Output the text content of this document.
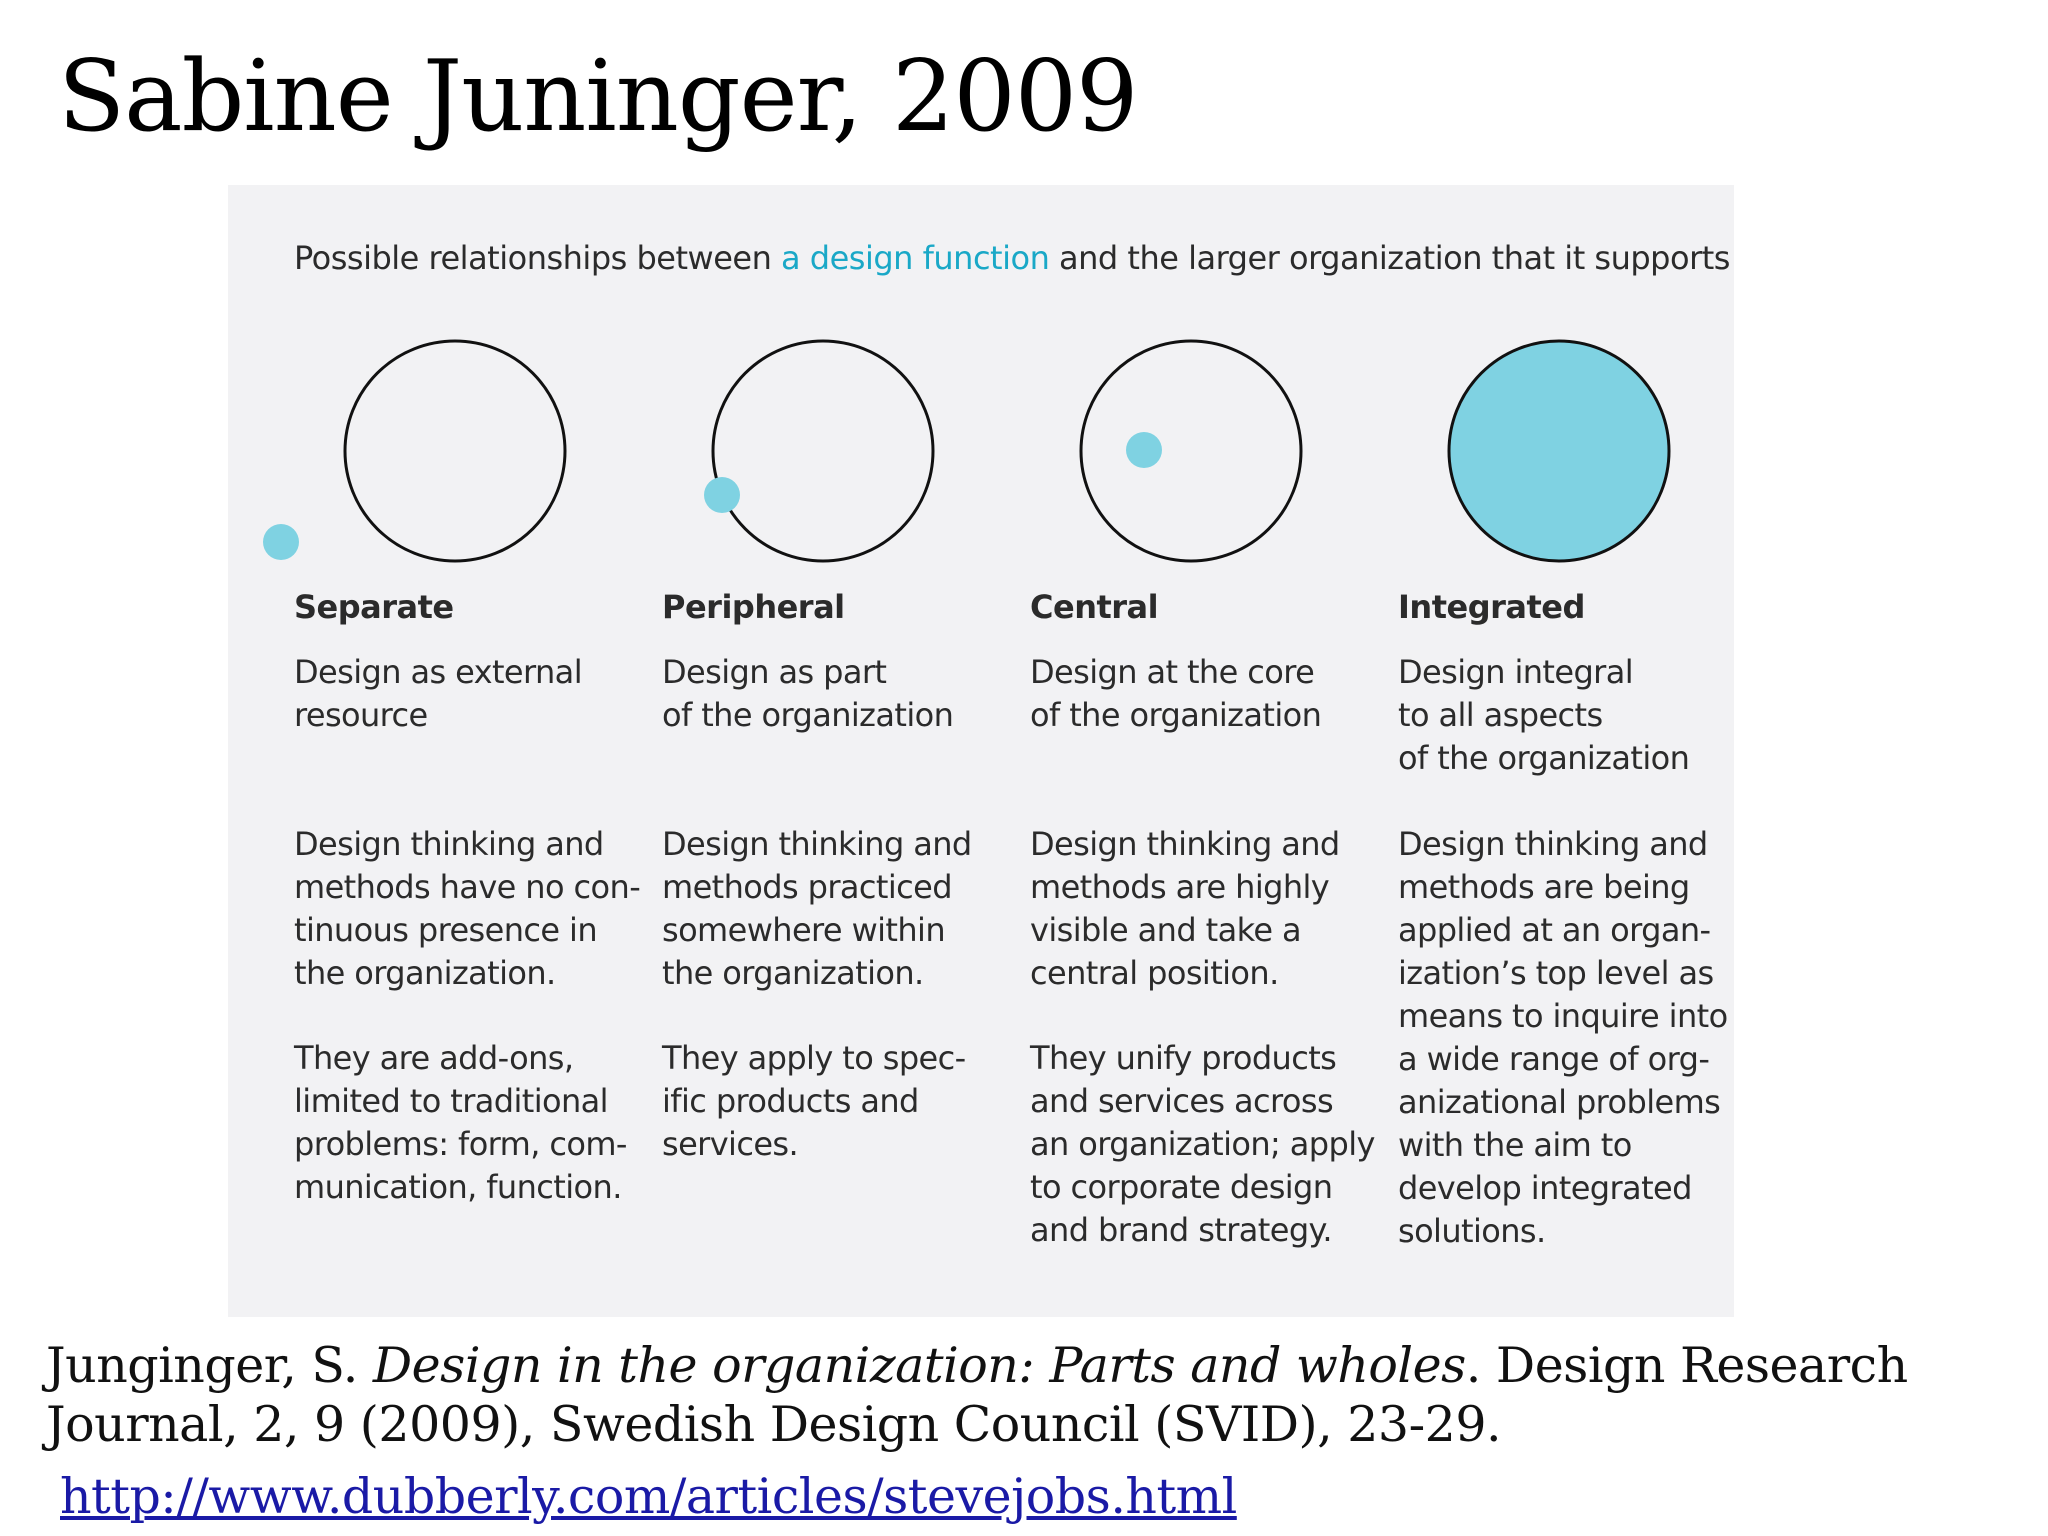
Sabine Juninger, 2009

Possible relationships between a design function and the larger organization that it supports

Separate

Design as external
resource

Design thinking and
methods have no con-
tinuous presence in
the organization.

They are add-ons,
limited to traditional
problems: form, com-
munication, function.

Peripheral

Design as part
of the organization

Design thinking and
methods practiced
somewhere within
the organization.

They apply to spec-
ific products and
services.

Central

Design at the core
of the organization

Design thinking and
methods are highly
visible and take a
central position.

They unify products
and services across
an organization; apply
to corporate design
and brand strategy.

Integrated

Design integral
to all aspects
of the organization

Design thinking and
methods are being
applied at an organ-
ization’s top level as
means to inquire into
a wide range of org-
anizational problems
with the aim to
develop integrated
solutions.

Junginger, S. Design in the organization: Parts and wholes. Design Research Journal, 2, 9 (2009), Swedish Design Council (SVID), 23-29.

http://www.dubberly.com/articles/stevejobs.html
